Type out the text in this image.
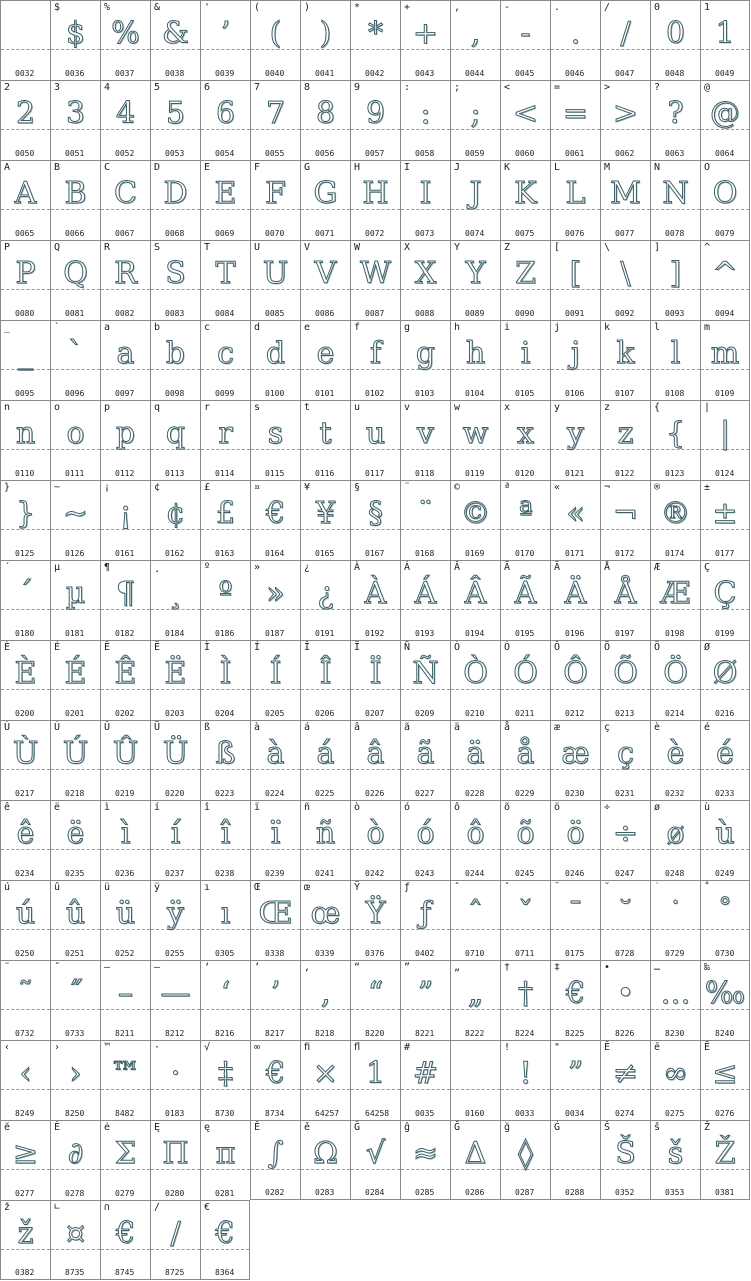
0032
$
$
0036
%
%
0037
&
&
0038
'
’
0039
(
(
0040
)
)
0041
*
*
0042
+
+
0043
,
,
0044
-
-
0045
.
.
0046
/
/
0047
0
0
0048
1
1
0049
2
2
0050
3
3
0051
4
4
0052
5
5
0053
6
6
0054
7
7
0055
8
8
0056
9
9
0057
:
:
0058
;
;
0059
<
<
0060
=
=
0061
>
>
0062
?
?
0063
@
@
0064
A
A
0065
B
B
0066
C
C
0067
D
D
0068
E
E
0069
F
F
0070
G
G
0071
H
H
0072
I
I
0073
J
J
0074
K
K
0075
L
L
0076
M
M
0077
N
N
0078
O
O
0079
P
P
0080
Q
Q
0081
R
R
0082
S
S
0083
T
T
0084
U
U
0085
V
V
0086
W
W
0087
X
X
0088
Y
Y
0089
Z
Z
0090
[
[
0091
\
\
0092
]
]
0093
^
^
0094
_
_
0095
`
`
0096
a
a
0097
b
b
0098
c
c
0099
d
d
0100
e
e
0101
f
f
0102
g
g
0103
h
h
0104
i
i
0105
j
j
0106
k
k
0107
l
l
0108
m
m
0109
n
n
0110
o
o
0111
p
p
0112
q
q
0113
r
r
0114
s
s
0115
t
t
0116
u
u
0117
v
v
0118
w
w
0119
x
x
0120
y
y
0121
z
z
0122
{
{
0123
|
|
0124
}
}
0125
~
~
0126
¡
¡
0161
¢
¢
0162
£
£
0163
¤
€
0164
¥
¥
0165
§
§
0167
¨
¨
0168
©
©
0169
ª
ª
0170
«
«
0171
¬
¬
0172
®
®
0174
±
±
0177
´
´
0180
µ
µ
0181
¶
¶
0182
¸
¸
0184
º
º
0186
»
»
0187
¿
¿
0191
À
À
0192
Á
Á
0193
Â
Â
0194
Ã
Ã
0195
Ä
Ä
0196
Å
Å
0197
Æ
Æ
0198
Ç
Ç
0199
È
È
0200
É
É
0201
Ê
Ê
0202
Ë
Ë
0203
Ì
Ì
0204
Í
Í
0205
Î
Î
0206
Ï
Ï
0207
Ñ
Ñ
0209
Ò
Ò
0210
Ó
Ó
0211
Ô
Ô
0212
Õ
Õ
0213
Ö
Ö
0214
Ø
Ø
0216
Ù
Ù
0217
Ú
Ú
0218
Û
Û
0219
Ü
Ü
0220
ß
ß
0223
à
à
0224
á
á
0225
â
â
0226
ã
ã
0227
ä
ä
0228
å
å
0229
æ
æ
0230
ç
ç
0231
è
è
0232
é
é
0233
ê
ê
0234
ë
ë
0235
ì
ì
0236
í
í
0237
î
î
0238
ï
ï
0239
ñ
ñ
0241
ò
ò
0242
ó
ó
0243
ô
ô
0244
õ
õ
0245
ö
ö
0246
÷
÷
0247
ø
ø
0248
ù
ù
0249
ú
ú
0250
û
û
0251
ü
ü
0252
ÿ
ÿ
0255
ı
ı
0305
Œ
Œ
0338
œ
œ
0339
Ÿ
Ÿ
0376
ƒ
ƒ
0402
ˆ
ˆ
0710
ˇ
ˇ
0711
¯
¯
0175
˘
˘
0728
˙
˙
0729
˚
˚
0730
˜
˜
0732
˝
˝
0733
–
–
8211
—
—
8212
‘
‘
8216
’
’
8217
‚
‚
8218
“
“
8220
”
”
8221
„
„
8222
†
†
8224
‡
€
8225
•
•
8226
…
…
8230
‰
‰
8240
‹
‹
8249
›
›
8250
™
™
8482
·
·
0183
√
‡
8730
∞
€
8734
ﬁ
×
64257
ﬂ
1
64258
#
#
0035	0160
!
!
0033
"
”
0034
Ē
≠
0274
ē
∞
0275
Ĕ
≤
0276
ĕ
≥
0277
Ė
∂
0278
ė
Σ
0279
Ę
Π
0280
ę
π
0281
Ě
∫
0282
ě
Ω
0283
Ĝ
√
0284
ĝ
≈
0285
Ğ
Δ
0286
ğ
◊
0287
Ġ
0288
Š
Š
0352
š
š
0353
Ž
Ž
0381
ž
ž
0382
∟
¤
8735
∩
€
8745
∕
/
8725
€
€
8364
